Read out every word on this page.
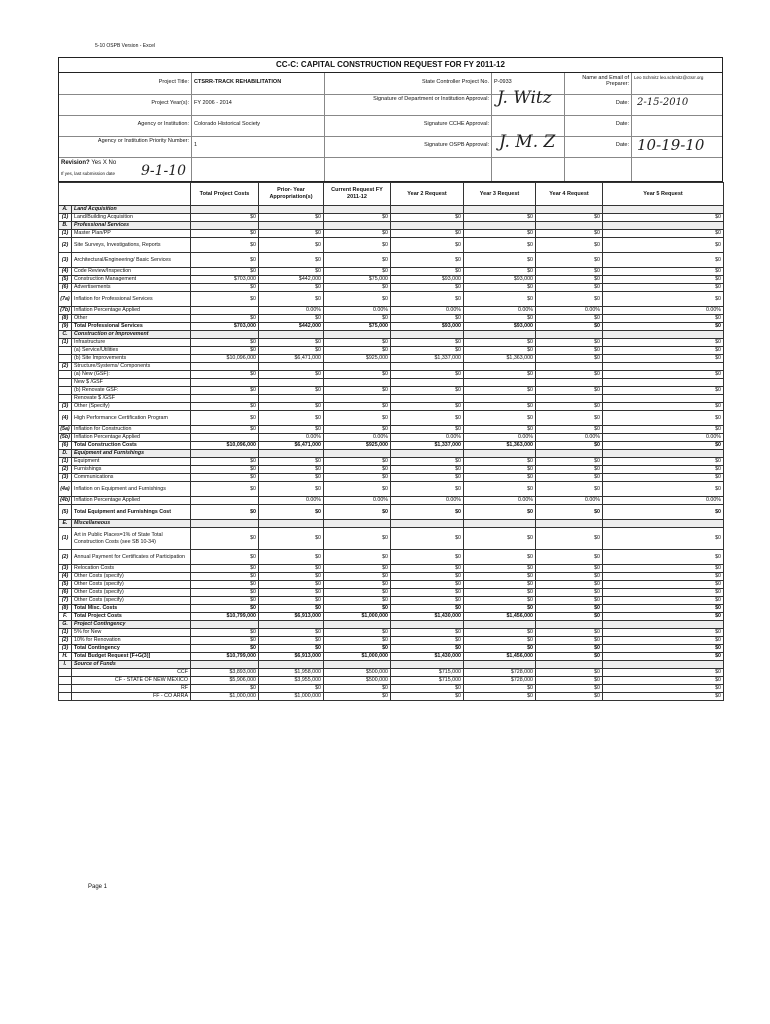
5-10 OSPB Version - Excel
CC-C: CAPITAL CONSTRUCTION REQUEST FOR FY 2011-12
Project Title: CTSRR-TRACK REHABILITATION	State Controller Project No. P-0933
Name and Email of Preparer:
Leo Schmitz leo.schmitz@ctsrr.org
Project Year(s): FY 2006 - 2014
Signature of Department or Institution Approval: J. Witz	Date: 2-15-2010
Agency or Institution: Colorado Historical Society	Signature CCHE Approval:	Date:
Agency or Institution Priority Number:
1	Signature OSPB Approval: J. M. Z	Date: 10-19-10
Revision? Yes X No
If yes, last submission date 9-1-10
		Total Project Costs	Prior- Year Appropriation(s)	Current Request FY 2011-12	Year 2 Request	Year 3 Request	Year 4 Request	Year 5 Request
A.	Land Acquisition							
(1)	Land/Building Acquisition	$0	$0	$0	$0	$0	$0	$0
B.	Professional Services							
(1)	Master Plan/PP	$0	$0	$0	$0	$0	$0	$0
(2)	Site Surveys, Investigations, Reports	$0	$0	$0	$0	$0	$0	$0
(3)	Architectural/Engineering/ Basic Services	$0	$0	$0	$0	$0	$0	$0
(4)	Code Review/Inspection	$0	$0	$0	$0	$0	$0	$0
(5)	Construction Management	$703,000	$442,000	$75,000	$93,000	$93,000	$0	$0
(6)	Advertisements	$0	$0	$0	$0	$0	$0	$0
(7a)	Inflation for Professional Services	$0	$0	$0	$0	$0	$0	$0
(7b)	Inflation Percentage Applied		0.00%	0.00%	0.00%	0.00%	0.00%	0.00%
(8)	Other	$0	$0	$0	$0	$0	$0	$0
(9)	Total Professional Services	$703,000	$442,000	$75,000	$93,000	$93,000	$0	$0
C.	Construction or Improvement							
(1)	Infrastructure	$0	$0	$0	$0	$0	$0	$0
	(a) Service/Utilities	$0	$0	$0	$0	$0	$0	$0
	(b) Site Improvements	$10,096,000	$6,471,000	$925,000	$1,337,000	$1,363,000	$0	$0
(2)	Structure/Systems/ Components							
	(a) New (GSF):	$0	$0	$0	$0	$0	$0	$0
	New $ /GSF							
	(b) Renovate GSF:	$0	$0	$0	$0	$0	$0	$0
	Renovate $ /GSF							
(3)	Other (Specify)	$0	$0	$0	$0	$0	$0	$0
(4)	High Performance Certification Program	$0	$0	$0	$0	$0	$0	$0
(5a)	Inflation for Construction	$0	$0	$0	$0	$0	$0	$0
(5b)	Inflation Percentage Applied		0.00%	0.00%	0.00%	0.00%	0.00%	0.00%
(6)	Total Construction Costs	$10,096,000	$6,471,000	$925,000	$1,337,000	$1,363,000	$0	$0
D.	Equipment and Furnishings							
(1)	Equipment	$0	$0	$0	$0	$0	$0	$0
(2)	Furnishings	$0	$0	$0	$0	$0	$0	$0
(3)	Communications	$0	$0	$0	$0	$0	$0	$0
(4a)	Inflation on Equipment and Furnishings	$0	$0	$0	$0	$0	$0	$0
(4b)	Inflation Percentage Applied		0.00%	0.00%	0.00%	0.00%	0.00%	0.00%
(5)	Total Equipment and Furnishings Cost	$0	$0	$0	$0	$0	$0	$0
E.	Miscellaneous							
(1)	Art in Public Places=1% of State Total Construction Costs (see SB 10-34)	$0	$0	$0	$0	$0	$0	$0
(2)	Annual Payment for Certificates of Participation	$0	$0	$0	$0	$0	$0	$0
(3)	Relocation Costs	$0	$0	$0	$0	$0	$0	$0
(4)	Other Costs (specify)	$0	$0	$0	$0	$0	$0	$0
(5)	Other Costs (specify)	$0	$0	$0	$0	$0	$0	$0
(6)	Other Costs (specify)	$0	$0	$0	$0	$0	$0	$0
(7)	Other Costs (specify)	$0	$0	$0	$0	$0	$0	$0
(8)	Total Misc. Costs	$0	$0	$0	$0	$0	$0	$0
F.	Total Project Costs	$10,799,000	$6,913,000	$1,000,000	$1,430,000	$1,456,000	$0	$0
G.	Project Contingency							
(1)	5% for New	$0	$0	$0	$0	$0	$0	$0
(2)	10% for Renovation	$0	$0	$0	$0	$0	$0	$0
(3)	Total Contingency	$0	$0	$0	$0	$0	$0	$0
H.	Total Budget Request [F+G(3)]	$10,799,000	$6,913,000	$1,000,000	$1,430,000	$1,456,000	$0	$0
I.	Source of Funds							
	CCF	$3,893,000	$1,958,000	$500,000	$715,000	$728,000	$0	$0
	CF - STATE OF NEW MEXICO	$5,906,000	$3,955,000	$500,000	$715,000	$728,000	$0	$0
	RF	$0	$0	$0	$0	$0	$0	$0
	FF - CO ARRA	$1,000,000	$1,000,000	$0	$0	$0	$0	$0
Page 1
